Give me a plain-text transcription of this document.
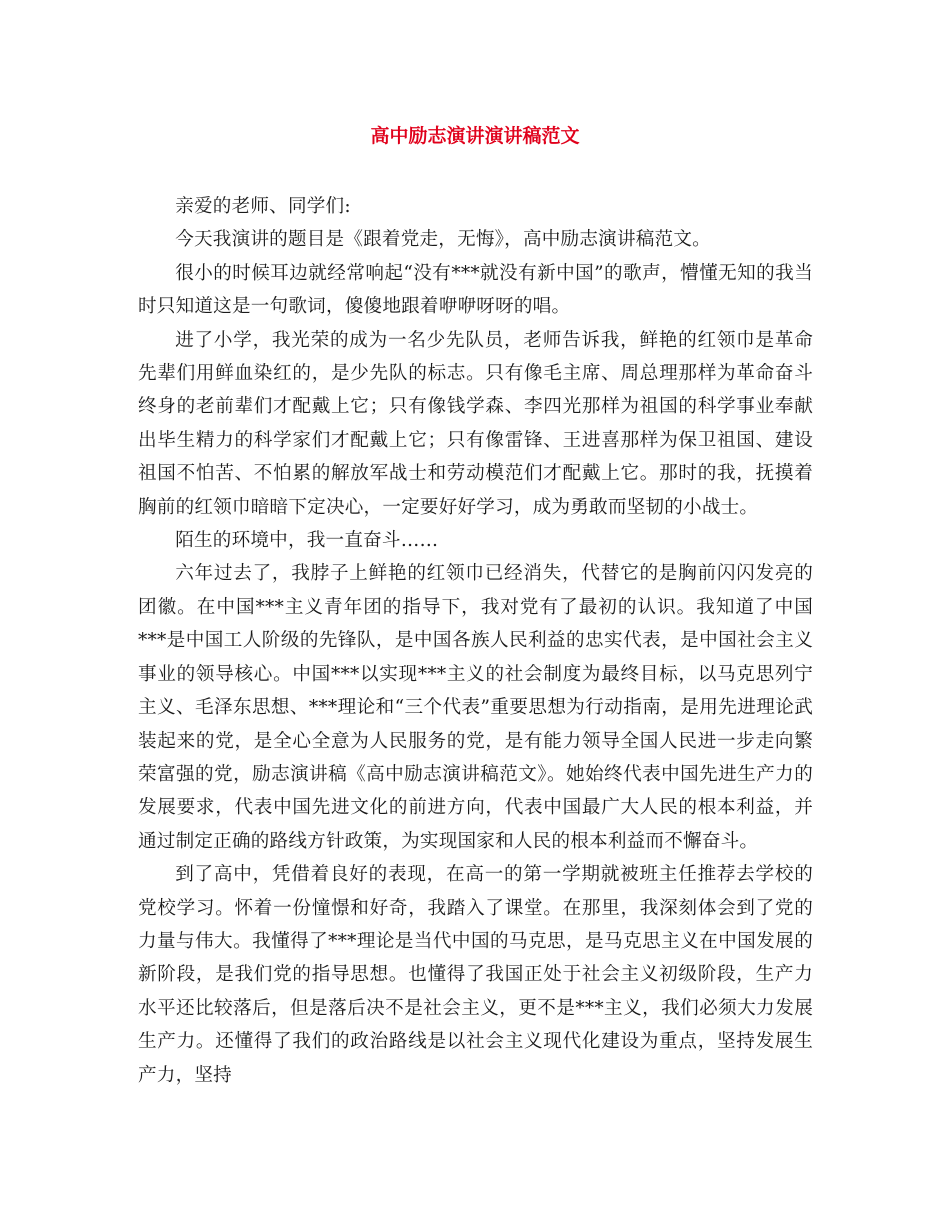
高中励志演讲演讲稿范文

亲爱的老师、同学们:

今天我演讲的题目是《跟着党走，无悔》，高中励志演讲稿范文。

很小的时候耳边就经常响起“没有***就没有新中国”的歌声，懵懂无知的我当时只知道这是一句歌词，傻傻地跟着咿咿呀呀的唱。

进了小学，我光荣的成为一名少先队员，老师告诉我，鲜艳的红领巾是革命先辈们用鲜血染红的，是少先队的标志。只有像毛主席、周总理那样为革命奋斗终身的老前辈们才配戴上它；只有像钱学森、李四光那样为祖国的科学事业奉献出毕生精力的科学家们才配戴上它；只有像雷锋、王进喜那样为保卫祖国、建设祖国不怕苦、不怕累的解放军战士和劳动模范们才配戴上它。那时的我，抚摸着胸前的红领巾暗暗下定决心，一定要好好学习，成为勇敢而坚韧的小战士。

陌生的环境中，我一直奋斗……

六年过去了，我脖子上鲜艳的红领巾已经消失，代替它的是胸前闪闪发亮的团徽。在中国***主义青年团的指导下，我对党有了最初的认识。我知道了中国***是中国工人阶级的先锋队，是中国各族人民利益的忠实代表，是中国社会主义事业的领导核心。中国***以实现***主义的社会制度为最终目标，以马克思列宁主义、毛泽东思想、***理论和“三个代表”重要思想为行动指南，是用先进理论武装起来的党，是全心全意为人民服务的党，是有能力领导全国人民进一步走向繁荣富强的党，励志演讲稿《高中励志演讲稿范文》。她始终代表中国先进生产力的发展要求，代表中国先进文化的前进方向，代表中国最广大人民的根本利益，并通过制定正确的路线方针政策，为实现国家和人民的根本利益而不懈奋斗。

到了高中，凭借着良好的表现，在高一的第一学期就被班主任推荐去学校的党校学习。怀着一份憧憬和好奇，我踏入了课堂。在那里，我深刻体会到了党的力量与伟大。我懂得了***理论是当代中国的马克思，是马克思主义在中国发展的新阶段，是我们党的指导思想。也懂得了我国正处于社会主义初级阶段，生产力水平还比较落后，但是落后决不是社会主义，更不是***主义，我们必须大力发展生产力。还懂得了我们的政治路线是以社会主义现代化建设为重点，坚持发展生产力，坚持
